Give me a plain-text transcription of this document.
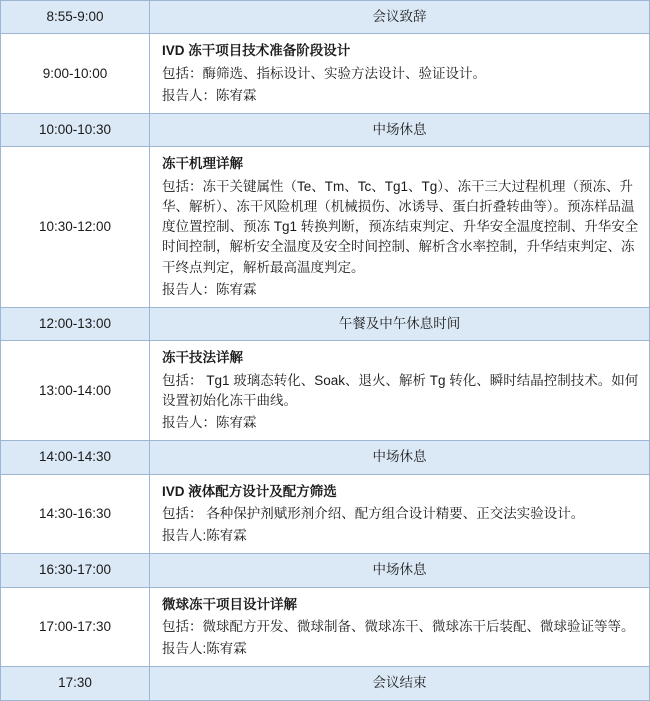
8:55-9:00	会议致辞
9:00-10:00	IVD 冻干项目技术准备阶段设计

包括：酶筛选、指标设计、实验方法设计、验证设计。

报告人：陈宥霖

10:00-10:30	中场休息
10:30-12:00	冻干机理详解

包括：冻干关键属性（Te、Tm、Tc、Tg1、Tg）、冻干三大过程机理（预冻、升华、解析）、冻干风险机理（机械损伤、冰诱导、蛋白折叠转曲等）。预冻样品温度位置控制、预冻 Tg1 转换判断，预冻结束判定、升华安全温度控制、升华安全时间控制，解析安全温度及安全时间控制、解析含水率控制，升华结束判定、冻干终点判定，解析最高温度判定。

报告人：陈宥霖

12:00-13:00	午餐及中午休息时间
13:00-14:00	冻干技法详解

包括： Tg1 玻璃态转化、Soak、退火、解析 Tg 转化、瞬时结晶控制技术。如何设置初始化冻干曲线。

报告人：陈宥霖

14:00-14:30	中场休息
14:30-16:30	IVD 液体配方设计及配方筛选

包括： 各种保护剂赋形剂介绍、配方组合设计精要、正交法实验设计。

报告人:陈宥霖

16:30-17:00	中场休息
17:00-17:30	微球冻干项目设计详解

包括：微球配方开发、微球制备、微球冻干、微球冻干后装配、微球验证等等。

报告人:陈宥霖

17:30	会议结束
